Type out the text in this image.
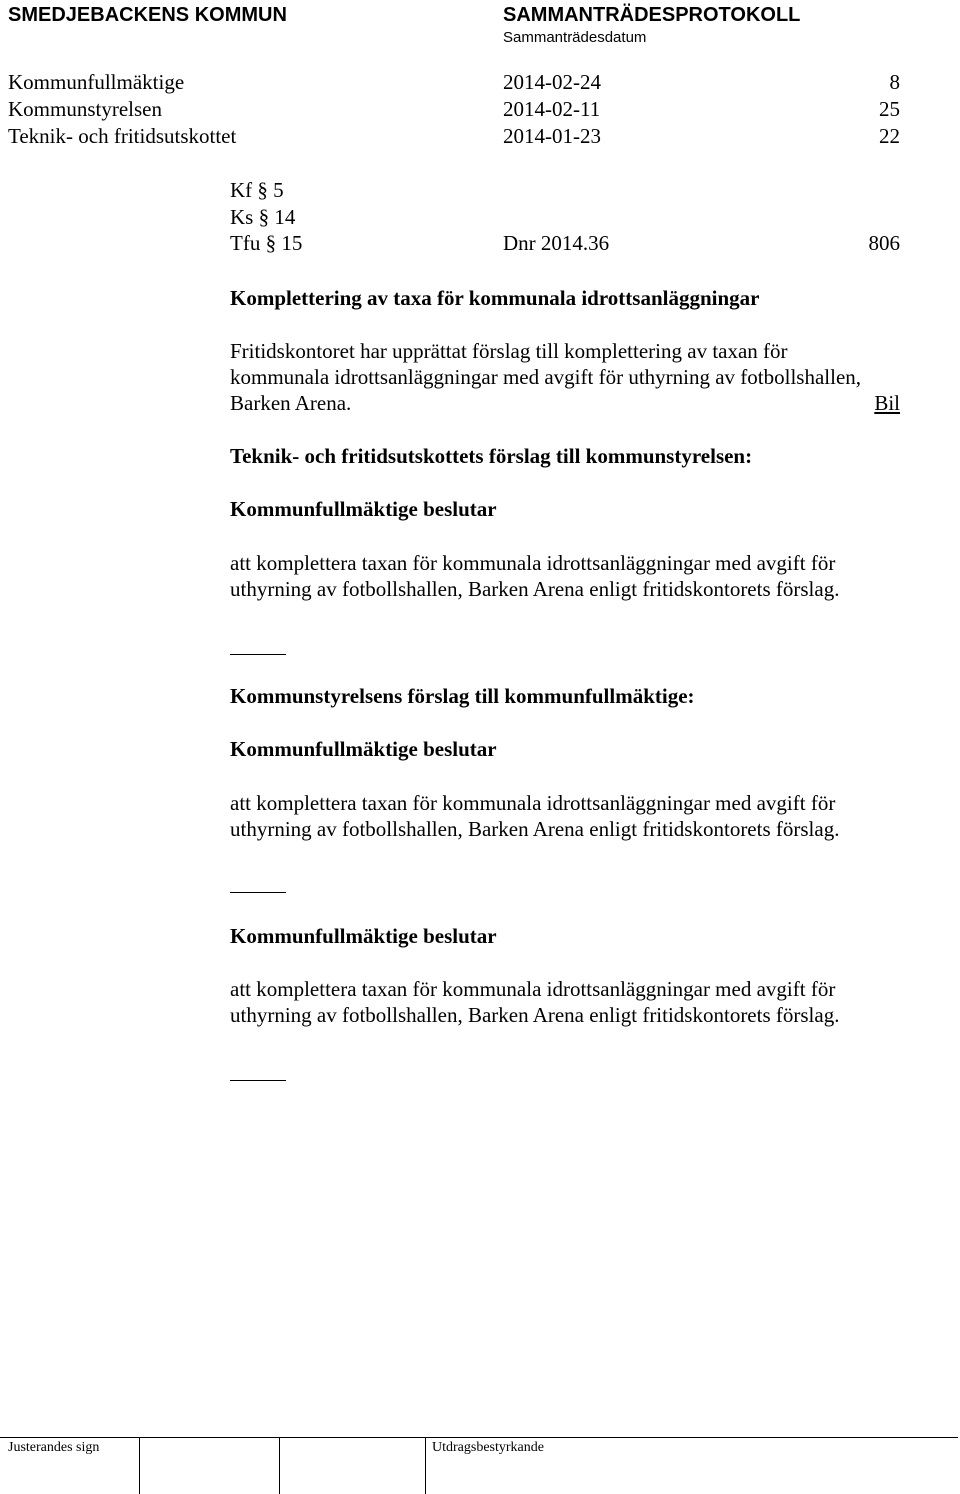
SMEDJEBACKENS KOMMUN	SAMMANTRÄDESPROTOKOLL
Sammanträdesdatum
Kommunfullmäktige	2014-02-24	8
Kommunstyrelsen	2014-02-11	25
Teknik- och fritidsutskottet	2014-01-23	22
Kf § 5
Ks § 14
Tfu § 15	Dnr 2014.36	806
Komplettering av taxa för kommunala idrottsanläggningar
Fritidskontoret har upprättat förslag till komplettering av taxan för
kommunala idrottsanläggningar med avgift för uthyrning av fotbollshallen,
Barken Arena.	Bil
Teknik- och fritidsutskottets förslag till kommunstyrelsen:
Kommunfullmäktige beslutar
att komplettera taxan för kommunala idrottsanläggningar med avgift för
uthyrning av fotbollshallen, Barken Arena enligt fritidskontorets förslag.
Kommunstyrelsens förslag till kommunfullmäktige:
Kommunfullmäktige beslutar
att komplettera taxan för kommunala idrottsanläggningar med avgift för
uthyrning av fotbollshallen, Barken Arena enligt fritidskontorets förslag.
Kommunfullmäktige beslutar
att komplettera taxan för kommunala idrottsanläggningar med avgift för
uthyrning av fotbollshallen, Barken Arena enligt fritidskontorets förslag.
Justerandes sign	Utdragsbestyrkande
